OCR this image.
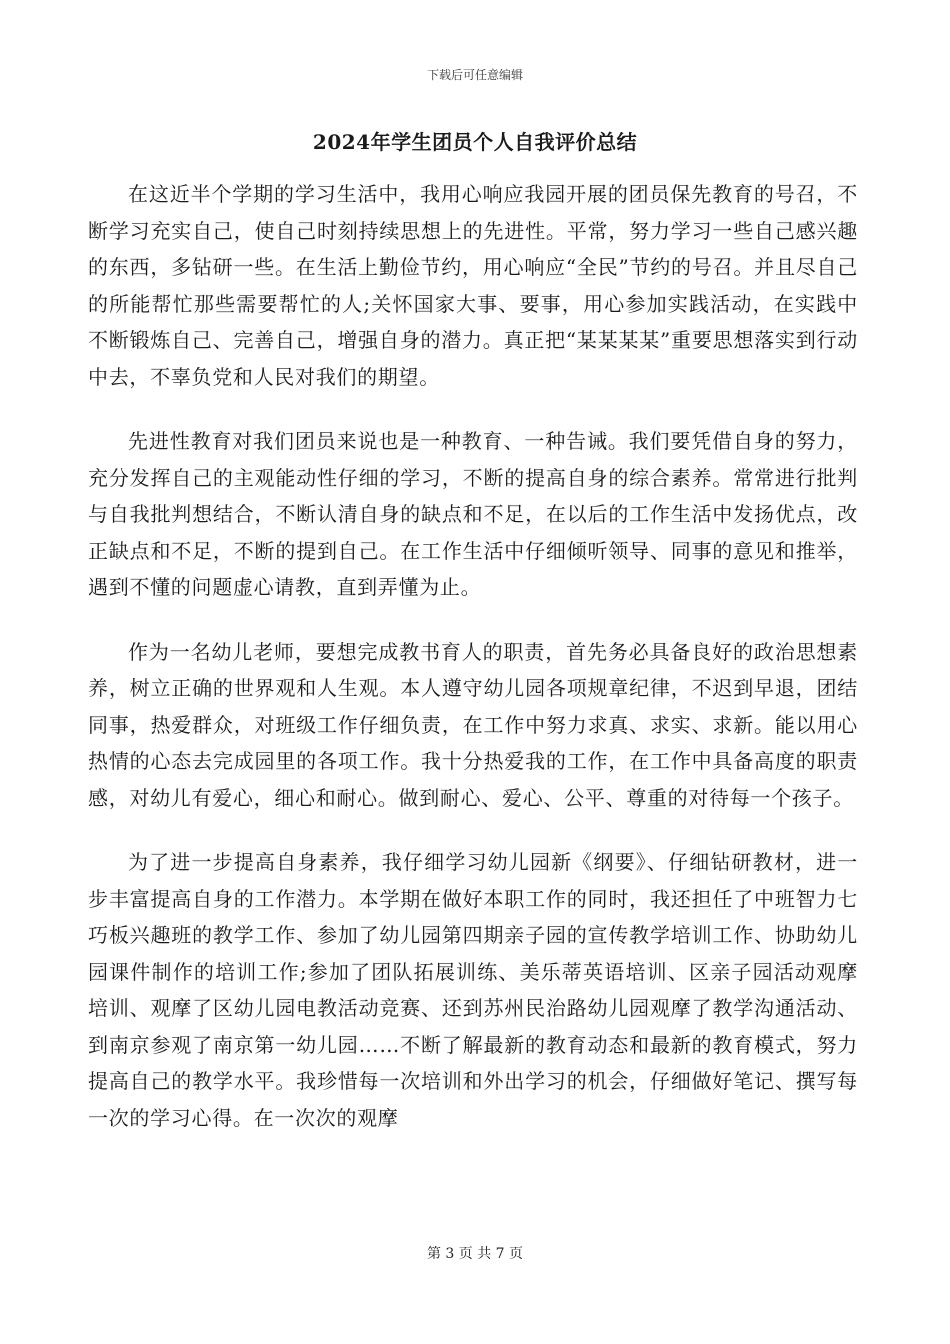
下载后可任意编辑
2024年学生团员个人自我评价总结

在这近半个学期的学习生活中，我用心响应我园开展的团员保先教育的号召，不断学习充实自己，使自己时刻持续思想上的先进性。平常，努力学习一些自己感兴趣的东西，多钻研一些。在生活上勤俭节约，用心响应“全民”节约的号召。并且尽自己的所能帮忙那些需要帮忙的人;关怀国家大事、要事，用心参加实践活动，在实践中不断锻炼自己、完善自己，增强自身的潜力。真正把“某某某某”重要思想落实到行动中去，不辜负党和人民对我们的期望。

先进性教育对我们团员来说也是一种教育、一种告诫。我们要凭借自身的努力，充分发挥自己的主观能动性仔细的学习，不断的提高自身的综合素养。常常进行批判与自我批判想结合，不断认清自身的缺点和不足，在以后的工作生活中发扬优点，改正缺点和不足，不断的提到自己。在工作生活中仔细倾听领导、同事的意见和推举，遇到不懂的问题虚心请教，直到弄懂为止。

作为一名幼儿老师，要想完成教书育人的职责，首先务必具备良好的政治思想素养，树立正确的世界观和人生观。本人遵守幼儿园各项规章纪律，不迟到早退，团结同事，热爱群众，对班级工作仔细负责，在工作中努力求真、求实、求新。能以用心热情的心态去完成园里的各项工作。我十分热爱我的工作，在工作中具备高度的职责感，对幼儿有爱心，细心和耐心。做到耐心、爱心、公平、尊重的对待每一个孩子。

为了进一步提高自身素养，我仔细学习幼儿园新《纲要》、仔细钻研教材，进一步丰富提高自身的工作潜力。本学期在做好本职工作的同时，我还担任了中班智力七巧板兴趣班的教学工作、参加了幼儿园第四期亲子园的宣传教学培训工作、协助幼儿园课件制作的培训工作;参加了团队拓展训练、美乐蒂英语培训、区亲子园活动观摩培训、观摩了区幼儿园电教活动竞赛、还到苏州民治路幼儿园观摩了教学沟通活动、到南京参观了南京第一幼儿园……不断了解最新的教育动态和最新的教育模式，努力提高自己的教学水平。我珍惜每一次培训和外出学习的机会，仔细做好笔记、撰写每一次的学习心得。在一次次的观摩

第 3 页 共 7 页
